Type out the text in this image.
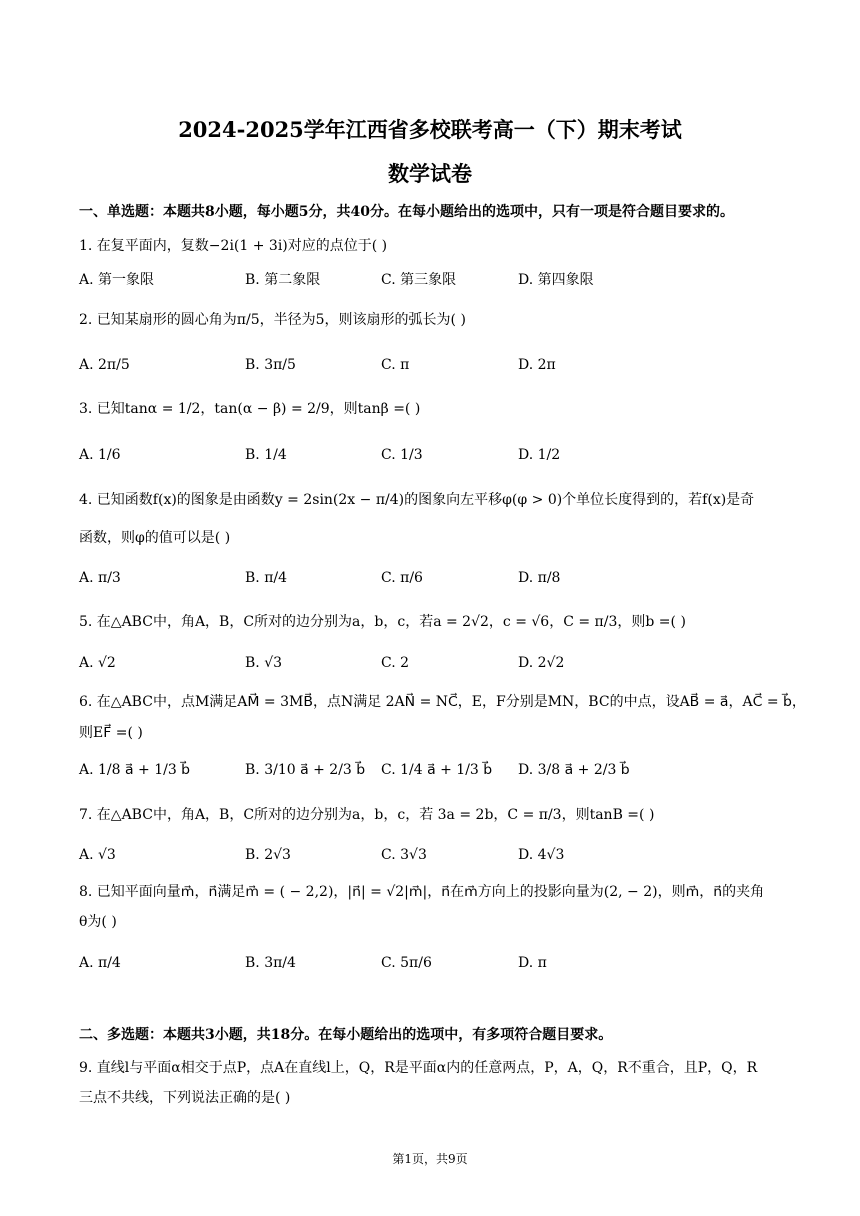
2024-2025学年江西省多校联考高一（下）期末考试
数学试卷
一、单选题：本题共8小题，每小题5分，共40分。在每小题给出的选项中，只有一项是符合题目要求的。
1. 在复平面内，复数−2i(1 + 3i)对应的点位于( )
A. 第一象限	B. 第二象限	C. 第三象限	D. 第四象限
2. 已知某扇形的圆心角为π/5，半径为5，则该扇形的弧长为( )
A. 2π/5	B. 3π/5	C. π	D. 2π
3. 已知tanα = 1/2，tan(α − β) = 2/9，则tanβ =( )
A. 1/6	B. 1/4	C. 1/3	D. 1/2
4. 已知函数f(x)的图象是由函数y = 2sin(2x − π/4)的图象向左平移φ(φ > 0)个单位长度得到的，若f(x)是奇
函数，则φ的值可以是( )
A. π/3	B. π/4	C. π/6	D. π/8
5. 在△ABC中，角A，B，C所对的边分别为a，b，c，若a = 2√2，c = √6，C = π/3，则b =( )
A. √2	B. √3	C. 2	D. 2√2
6. 在△ABC中，点M满足AM⃗ = 3MB⃗，点N满足 2AN⃗ = NC⃗，E，F分别是MN，BC的中点，设AB⃗ = a⃗，AC⃗ = b⃗，
则EF⃗ =( )
A. 1/8 a⃗ + 1/3 b⃗	B. 3/10 a⃗ + 2/3 b⃗ C. 1/4 a⃗ + 1/3 b⃗ D. 3/8 a⃗ + 2/3 b⃗
7. 在△ABC中，角A，B，C所对的边分别为a，b，c，若 3a = 2b，C = π/3，则tanB =( )
A. √3	B. 2√3	C. 3√3	D. 4√3
8. 已知平面向量m⃗，n⃗满足m⃗ = ( − 2,2)，|n⃗| = √2|m⃗|，n⃗在m⃗方向上的投影向量为(2, − 2)，则m⃗，n⃗的夹角
θ为( )
A. π/4	B. 3π/4	C. 5π/6	D. π
二、多选题：本题共3小题，共18分。在每小题给出的选项中，有多项符合题目要求。
9. 直线l与平面α相交于点P，点A在直线l上，Q，R是平面α内的任意两点，P，A，Q，R不重合，且P，Q，R
三点不共线，下列说法正确的是( )
第1页，共9页
